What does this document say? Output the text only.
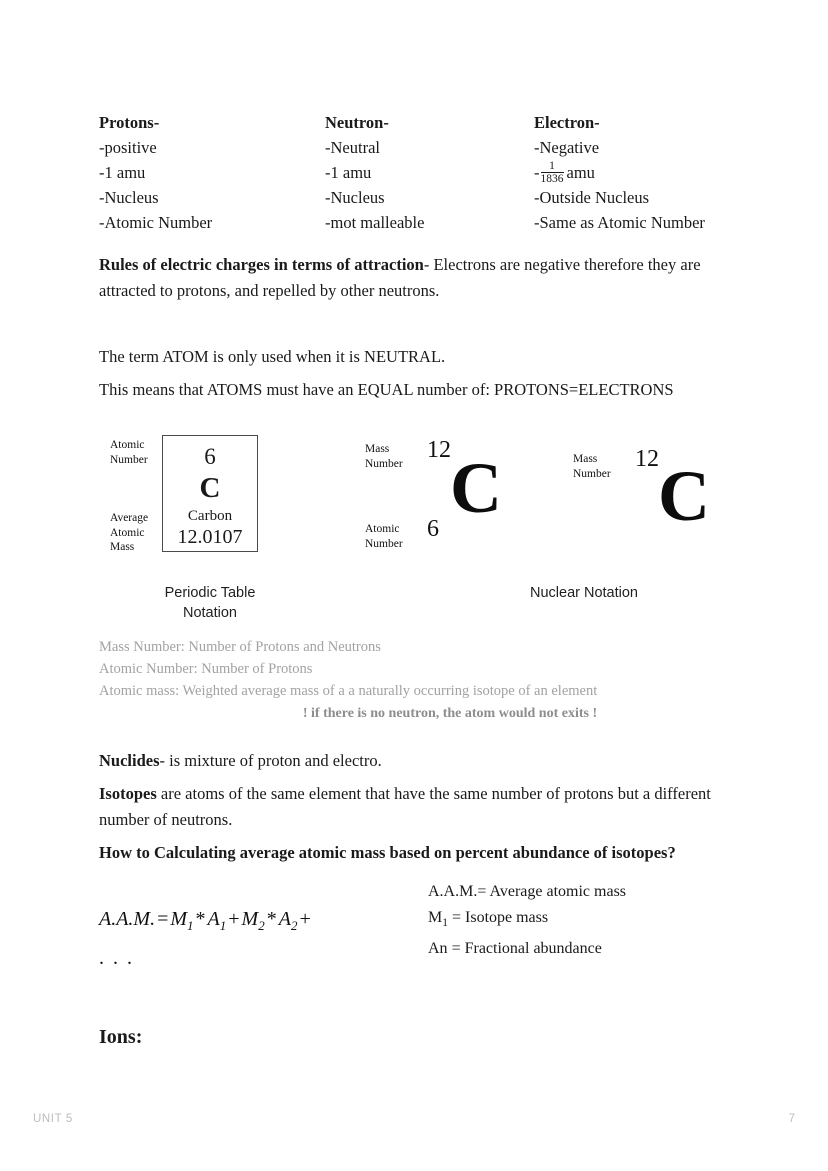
Protons-
-positive
-1 amu
-Nucleus
-Atomic Number
Neutron-
-Neutral
-1 amu
-Nucleus
-mot malleable
Electron-
-Negative
- $\frac{1}{1836}$ amu
-Outside Nucleus
-Same as Atomic Number
Rules of electric charges in terms of attraction- Electrons are negative therefore they are attracted to protons, and repelled by other neutrons.
The term ATOM is only used when it is NEUTRAL.
This means that ATOMS must have an EQUAL number of: PROTONS=ELECTRONS
Atomic
Number
Average
Atomic
Mass
6
C
Carbon
12.0107
Mass
Number
Atomic
Number
12
6
C	Mass
Number
12 C
Periodic Table
Notation
Nuclear Notation
Mass Number: Number of Protons and Neutrons
Atomic Number: Number of Protons
Atomic mass: Weighted average mass of a a naturally occurring isotope of an element
! if there is no neutron, the atom would not exits !
Nuclides- is mixture of proton and electro.
Isotopes are atoms of the same element that have the same number of protons but a different number of neutrons.
How to Calculating average atomic mass based on percent abundance of isotopes?
A.A.M. = $M_1 * A_1 + M_2 * A_2$ +
. . .
A.A.M.= Average atomic mass
$M_1$ = Isotope mass
An = Fractional abundance
Ions:
UNIT 5	7
